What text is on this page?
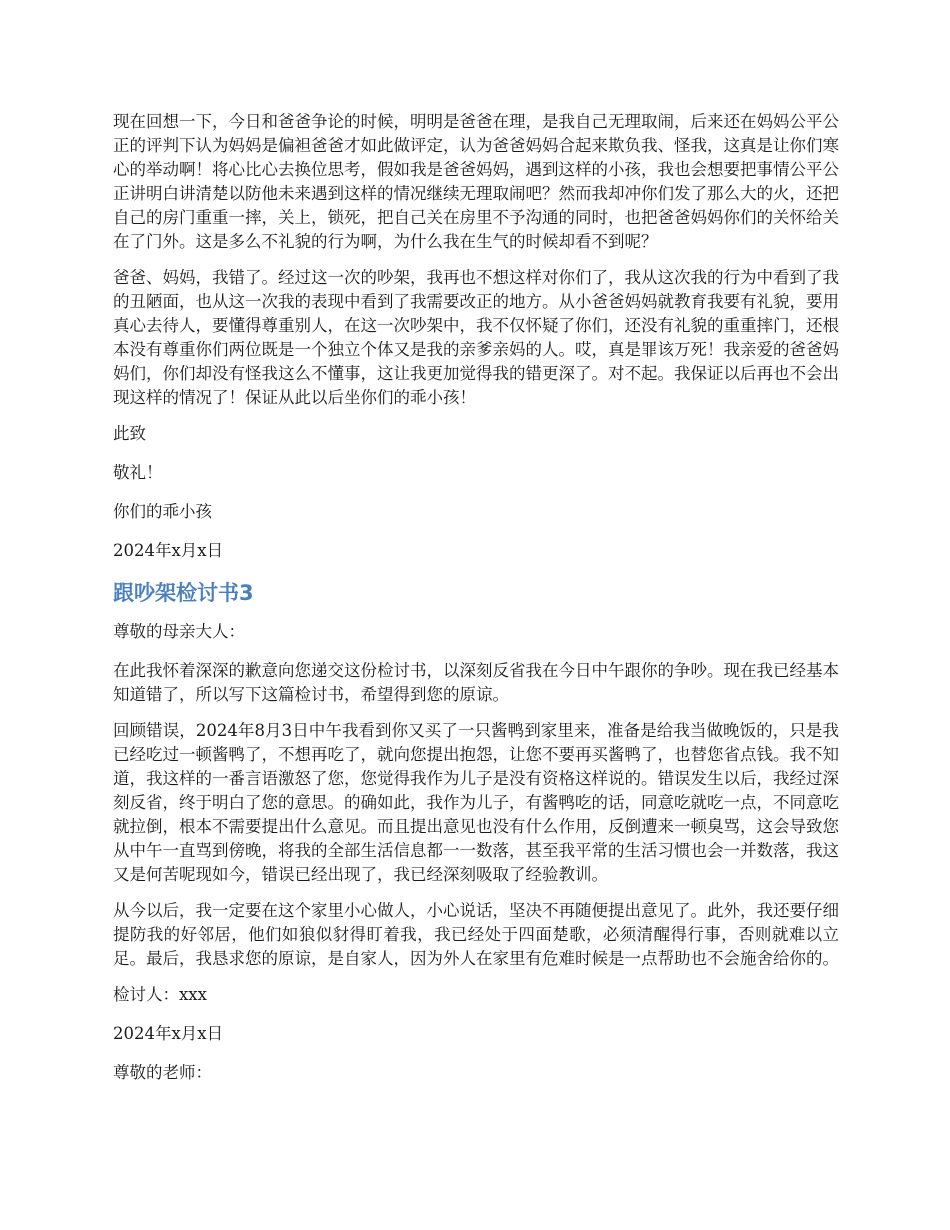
现在回想一下，今日和爸爸争论的时候，明明是爸爸在理，是我自己无理取闹，后来还在妈妈公平公正的评判下认为妈妈是偏袒爸爸才如此做评定，认为爸爸妈妈合起来欺负我、怪我，这真是让你们寒心的举动啊！将心比心去换位思考，假如我是爸爸妈妈，遇到这样的小孩，我也会想要把事情公平公正讲明白讲清楚以防他未来遇到这样的情况继续无理取闹吧？然而我却冲你们发了那么大的火，还把自己的房门重重一摔，关上，锁死，把自己关在房里不予沟通的同时，也把爸爸妈妈你们的关怀给关在了门外。这是多么不礼貌的行为啊，为什么我在生气的时候却看不到呢？

爸爸、妈妈，我错了。经过这一次的吵架，我再也不想这样对你们了，我从这次我的行为中看到了我的丑陋面，也从这一次我的表现中看到了我需要改正的地方。从小爸爸妈妈就教育我要有礼貌，要用真心去待人，要懂得尊重别人，在这一次吵架中，我不仅怀疑了你们，还没有礼貌的重重摔门，还根本没有尊重你们两位既是一个独立个体又是我的亲爹亲妈的人。哎，真是罪该万死！我亲爱的爸爸妈妈们，你们却没有怪我这么不懂事，这让我更加觉得我的错更深了。对不起。我保证以后再也不会出现这样的情况了！保证从此以后坐你们的乖小孩！

此致

敬礼！

你们的乖小孩

2024年x月x日

跟吵架检讨书3

尊敬的母亲大人：

在此我怀着深深的歉意向您递交这份检讨书，以深刻反省我在今日中午跟你的争吵。现在我已经基本知道错了，所以写下这篇检讨书，希望得到您的原谅。

回顾错误，2024年8月3日中午我看到你又买了一只酱鸭到家里来，准备是给我当做晚饭的，只是我已经吃过一顿酱鸭了，不想再吃了，就向您提出抱怨，让您不要再买酱鸭了，也替您省点钱。我不知道，我这样的一番言语激怒了您，您觉得我作为儿子是没有资格这样说的。错误发生以后，我经过深刻反省，终于明白了您的意思。的确如此，我作为儿子，有酱鸭吃的话，同意吃就吃一点，不同意吃就拉倒，根本不需要提出什么意见。而且提出意见也没有什么作用，反倒遭来一顿臭骂，这会导致您从中午一直骂到傍晚，将我的全部生活信息都一一数落，甚至我平常的生活习惯也会一并数落，我这又是何苦呢现如今，错误已经出现了，我已经深刻吸取了经验教训。

从今以后，我一定要在这个家里小心做人，小心说话，坚决不再随便提出意见了。此外，我还要仔细提防我的好邻居，他们如狼似豺得盯着我，我已经处于四面楚歌，必须清醒得行事，否则就难以立足。最后，我恳求您的原谅，是自家人，因为外人在家里有危难时候是一点帮助也不会施舍给你的。

检讨人：xxx

2024年x月x日

尊敬的老师：
